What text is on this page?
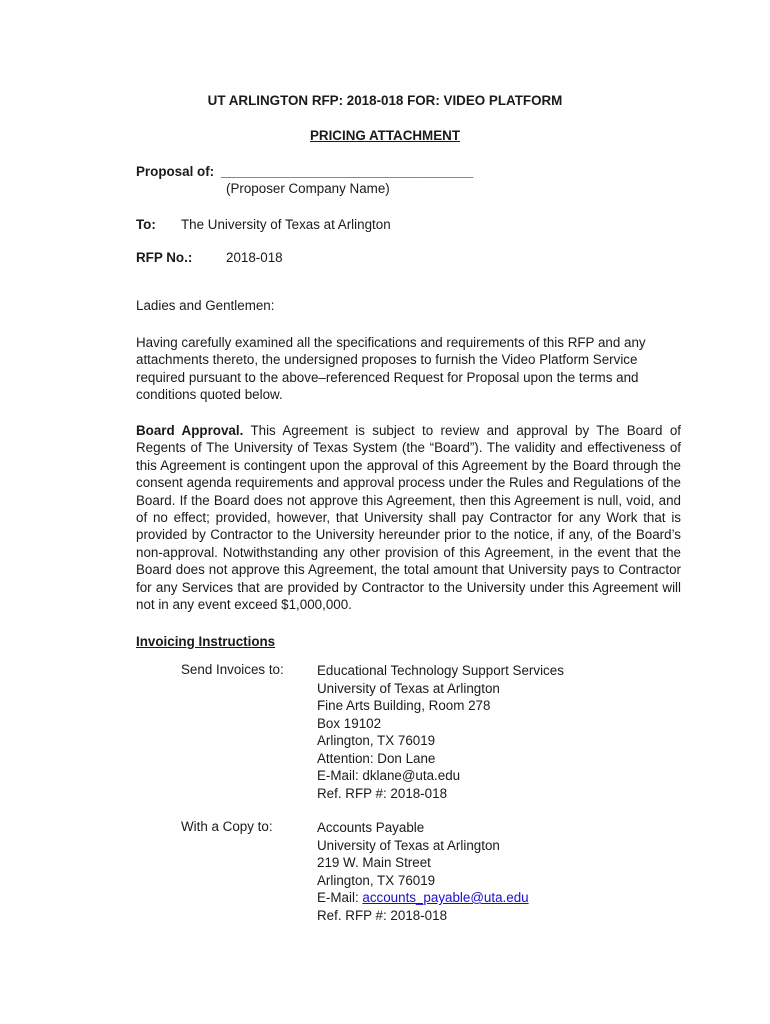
UT ARLINGTON RFP: 2018-018 FOR: VIDEO PLATFORM
PRICING ATTACHMENT
Proposal of: _________________________________
(Proposer Company Name)
To: The University of Texas at Arlington
RFP No.:	2018-018
Ladies and Gentlemen:
Having carefully examined all the specifications and requirements of this RFP and any attachments thereto, the undersigned proposes to furnish the Video Platform Service required pursuant to the above–referenced Request for Proposal upon the terms and conditions quoted below.
Board Approval. This Agreement is subject to review and approval by The Board of Regents of The University of Texas System (the “Board”). The validity and effectiveness of this Agreement is contingent upon the approval of this Agreement by the Board through the consent agenda requirements and approval process under the Rules and Regulations of the Board. If the Board does not approve this Agreement, then this Agreement is null, void, and of no effect; provided, however, that University shall pay Contractor for any Work that is provided by Contractor to the University hereunder prior to the notice, if any, of the Board’s non-approval. Notwithstanding any other provision of this Agreement, in the event that the Board does not approve this Agreement, the total amount that University pays to Contractor for any Services that are provided by Contractor to the University under this Agreement will not in any event exceed $1,000,000.
Invoicing Instructions
Send Invoices to: Educational Technology Support Services
University of Texas at Arlington
Fine Arts Building, Room 278
Box 19102
Arlington, TX 76019
Attention: Don Lane
E-Mail: dklane@uta.edu
Ref. RFP #: 2018-018
With a Copy to:	Accounts Payable
University of Texas at Arlington
219 W. Main Street
Arlington, TX 76019
E-Mail: accounts_payable@uta.edu
Ref. RFP #: 2018-018
